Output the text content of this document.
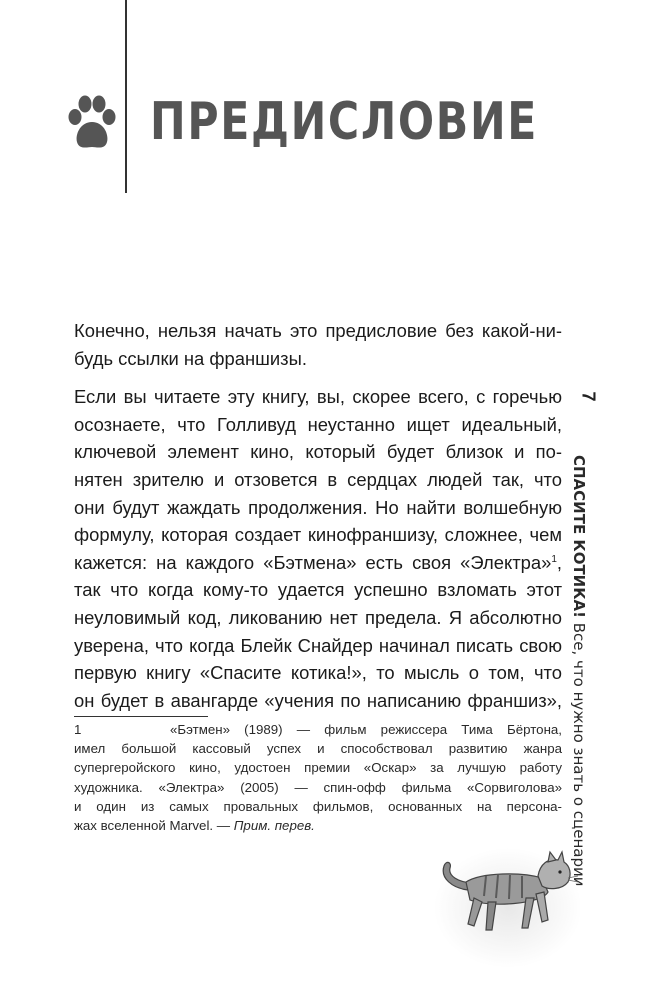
ПРЕДИСЛОВИЕ

Конечно, нельзя начать это предисловие без какой-ни-
будь ссылки на франшизы.

Если вы читаете эту книгу, вы, скорее всего, с горечью
осознаете, что Голливуд неустанно ищет идеальный,
ключевой элемент кино, который будет близок и по-
нятен зрителю и отзовется в сердцах людей так, что
они будут жаждать продолжения. Но найти волшебную
формулу, которая создает кинофраншизу, сложнее, чем
кажется: на каждого «Бэтмена» есть своя «Электра»$^1$,
так что когда кому-то удается успешно взломать этот
неуловимый код, ликованию нет предела. Я абсолютно
уверена, что когда Блейк Снайдер начинал писать свою
первую книгу «Спасите котика!», то мысль о том, что
он будет в авангарде «учения по написанию франшиз»,

1	«Бэтмен» (1989) — фильм режиссера Тима Бёртона,
имел большой кассовый успех и способствовал развитию жанра
супергеройского кино, удостоен премии «Оскар» за лучшую работу
художника. «Электра» (2005) — спин-офф фильма «Сорвиголова»
и один из самых провальных фильмов, основанных на персона-
жах вселенной Marvel. — Прим. перев.
7
СПАСИТЕ КОТИКА! Все, что нужно знать о сценарии
